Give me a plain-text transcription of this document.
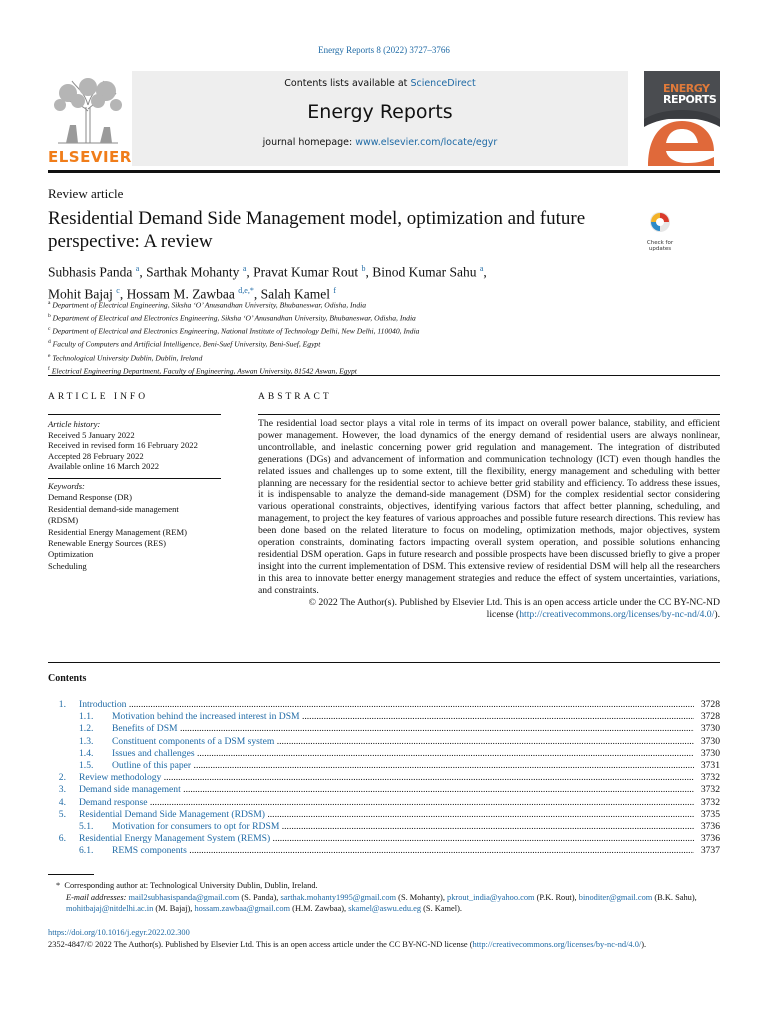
Energy Reports 8 (2022) 3727–3766
ELSEVIER
Contents lists available at ScienceDirect
Energy Reports
journal homepage: www.elsevier.com/locate/egyr
ENERGY
REPORTS
Review article
Residential Demand Side Management model, optimization and future perspective: A review	Check for updates
Subhasis Panda $^a$, Sarthak Mohanty $^a$, Pravat Kumar Rout $^b$, Binod Kumar Sahu $^a$,
Mohit Bajaj $^c$, Hossam M. Zawbaa $^{d,e,*}$, Salah Kamel $^f$
$^a$ Department of Electrical Engineering, Siksha ‘O’ Anusandhan University, Bhubaneswar, Odisha, India
$^b$ Department of Electrical and Electronics Engineering, Siksha ‘O’ Anusandhan University, Bhubaneswar, Odisha, India
$^c$ Department of Electrical and Electronics Engineering, National Institute of Technology Delhi, New Delhi, 110040, India
$^d$ Faculty of Computers and Artificial Intelligence, Beni-Suef University, Beni-Suef, Egypt
$^e$ Technological University Dublin, Dublin, Ireland
$^f$ Electrical Engineering Department, Faculty of Engineering, Aswan University, 81542 Aswan, Egypt
ARTICLE INFO	ABSTRACT
Article history:
Received 5 January 2022
Received in revised form 16 February 2022
Accepted 28 February 2022
Available online 16 March 2022
Keywords:
Demand Response (DR)
Residential demand-side management
(RDSM)
Residential Energy Management (REM)
Renewable Energy Sources (RES)
Optimization
Scheduling
The residential load sector plays a vital role in terms of its impact on overall power balance, stability, and efficient power management. However, the load dynamics of the energy demand of residential users are always nonlinear, uncontrollable, and inelastic concerning power grid regulation and management. The integration of distributed generations (DGs) and advancement of information and communication technology (ICT) even though handles the related issues and challenges up to some extent, till the flexibility, energy management and scheduling with better planning are necessary for the residential sector to achieve better grid stability and efficiency. To address these issues, it is indispensable to analyze the demand-side management (DSM) for the complex residential sector considering various operational constraints, objectives, identifying various factors that affect better planning, scheduling, and management, to project the key features of various approaches and possible future research directions. This review has been done based on the related literature to focus on modeling, optimization methods, major objectives, system operation constraints, dominating factors impacting overall system operation, and possible solutions enhancing residential DSM operation. Gaps in future research and possible prospects have been discussed briefly to give a proper insight into the current implementation of DSM. This extensive review of residential DSM will help all the researchers in this area to innovate better energy management strategies and reduce the effect of system uncertainties, variations, and constraints.
© 2022 The Author(s). Published by Elsevier Ltd. This is an open access article under the CC BY-NC-ND
license (http://creativecommons.org/licenses/by-nc-nd/4.0/).
Contents
1. Introduction .....	3728
1.1.	Motivation behind the increased interest in DSM .....	3728
1.2.	Benefits of DSM .....	3730
1.3.	Constituent components of a DSM system .....	3730
1.4.	Issues and challenges .....	3730
1.5.	Outline of this paper .....	3731
2. Review methodology .....	3732
3. Demand side management .....	3732
4. Demand response .....	3732
5. Residential Demand Side Management (RDSM) .....	3735
5.1.	Motivation for consumers to opt for RDSM .....	3736
6. Residential Energy Management System (REMS) .....	3736
6.1.	REMS components .....	3737
* Corresponding author at: Technological University Dublin, Dublin, Ireland.
E-mail addresses: mail2subhasispanda@gmail.com (S. Panda), sarthak.mohanty1995@gmail.com (S. Mohanty), pkrout_india@yahoo.com (P.K. Rout), binoditer@gmail.com (B.K. Sahu), mohitbajaj@nitdelhi.ac.in (M. Bajaj), hossam.zawbaa@gmail.com (H.M. Zawbaa), skamel@aswu.edu.eg (S. Kamel).
https://doi.org/10.1016/j.egyr.2022.02.300
2352-4847/© 2022 The Author(s). Published by Elsevier Ltd. This is an open access article under the CC BY-NC-ND license (http://creativecommons.org/licenses/by-nc-nd/4.0/).
